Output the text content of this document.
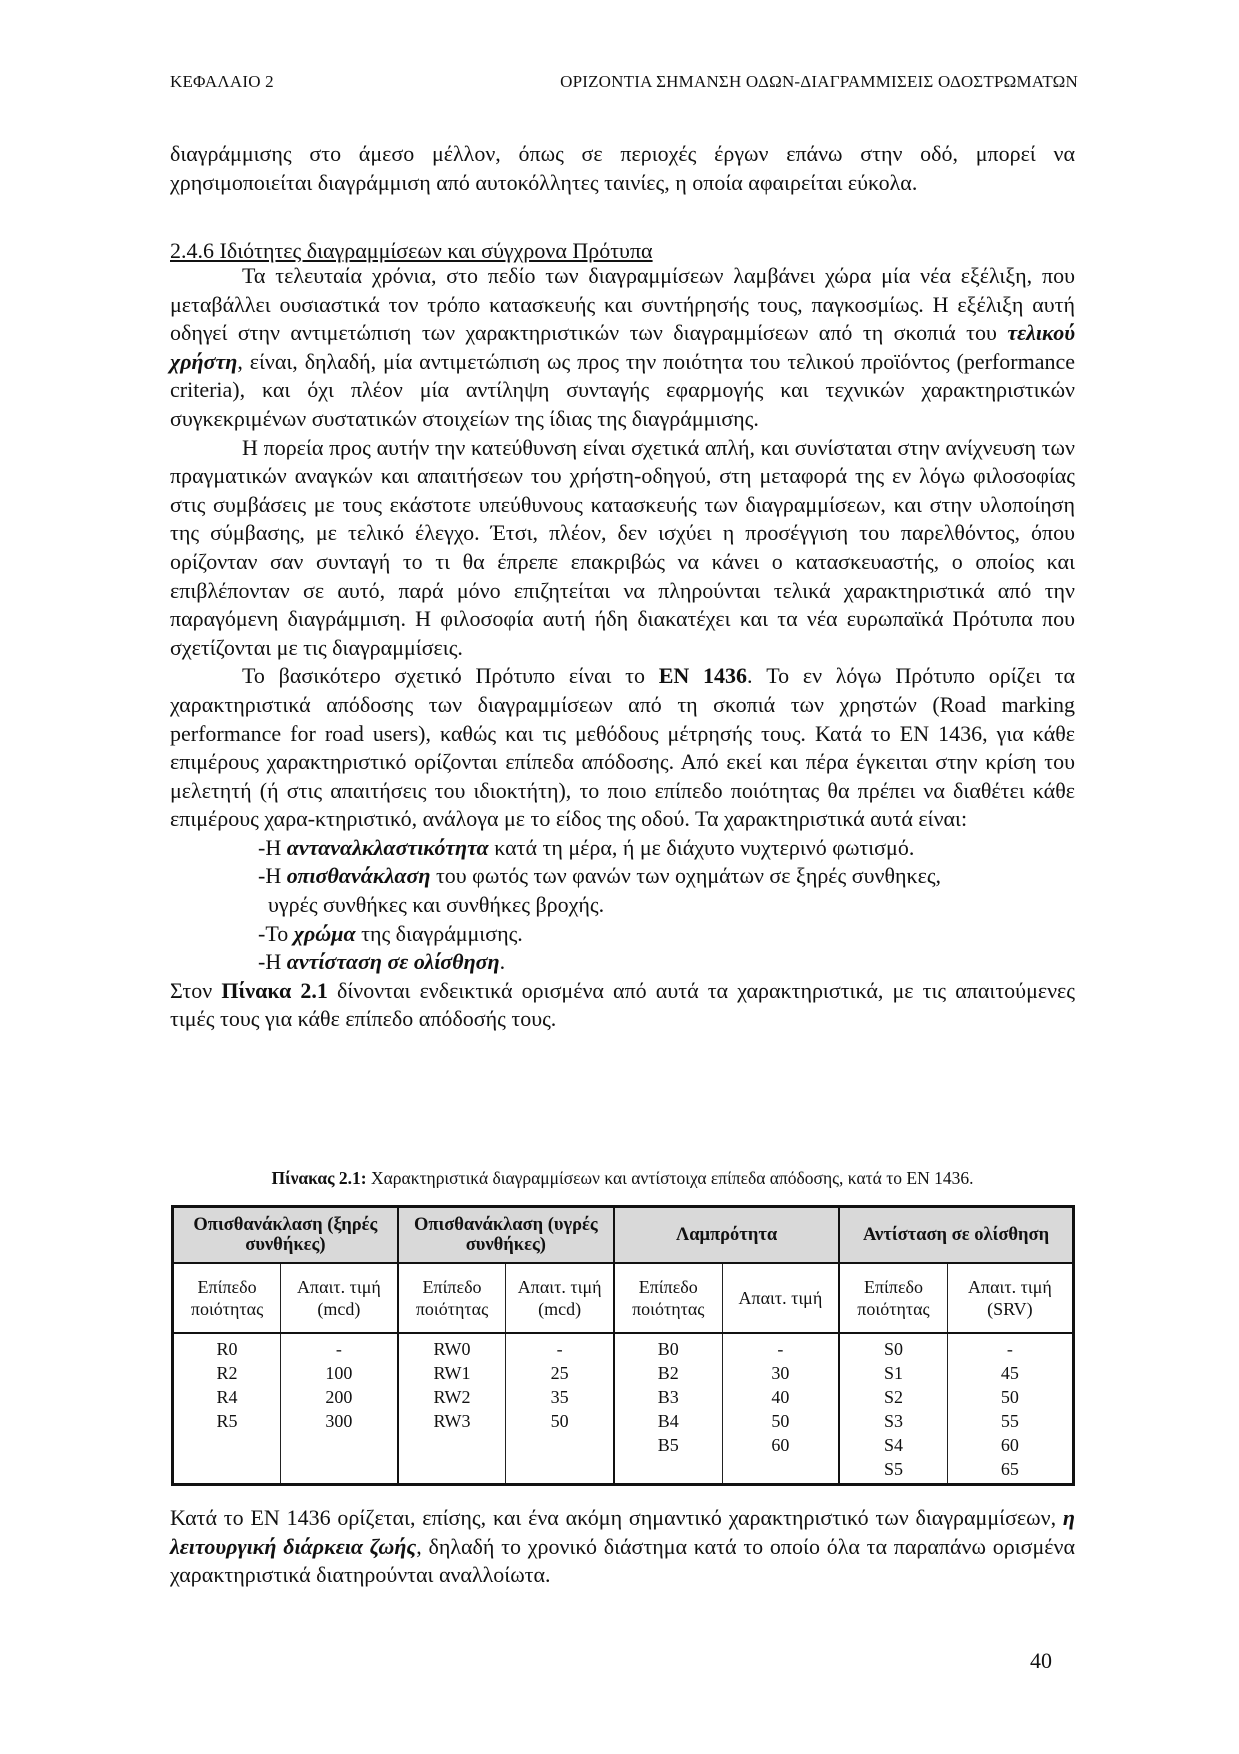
ΚΕΦΑΛΑΙΟ 2	ΟΡΙΖΟΝΤΙΑ ΣΗΜΑΝΣΗ ΟΔΩΝ-ΔΙΑΓΡΑΜΜΙΣΕΙΣ ΟΔΟΣΤΡΩΜΑΤΩΝ

διαγράμμισης στο άμεσο μέλλον, όπως σε περιοχές έργων επάνω στην οδό, μπορεί να χρησιμοποιείται διαγράμμιση από αυτοκόλλητες ταινίες, η οποία αφαιρείται εύκολα.

2.4.6 Ιδιότητες διαγραμμίσεων και σύγχρονα Πρότυπα

Τα τελευταία χρόνια, στο πεδίο των διαγραμμίσεων λαμβάνει χώρα μία νέα εξέλιξη, που μεταβάλλει ουσιαστικά τον τρόπο κατασκευής και συντήρησής τους, παγκοσμίως. Η εξέλιξη αυτή οδηγεί στην αντιμετώπιση των χαρακτηριστικών των διαγραμμίσεων από τη σκοπιά του τελικού χρήστη, είναι, δηλαδή, μία αντιμετώπιση ως προς την ποιότητα του τελικού προϊόντος (performance criteria), και όχι πλέον μία αντίληψη συνταγής εφαρμογής και τεχνικών χαρακτηριστικών συγκεκριμένων συστατικών στοιχείων της ίδιας της διαγράμμισης.

Η πορεία προς αυτήν την κατεύθυνση είναι σχετικά απλή, και συνίσταται στην ανίχνευση των πραγματικών αναγκών και απαιτήσεων του χρήστη-οδηγού, στη μεταφορά της εν λόγω φιλοσοφίας στις συμβάσεις με τους εκάστοτε υπεύθυνους κατασκευής των διαγραμμίσεων, και στην υλοποίηση της σύμβασης, με τελικό έλεγχο. Έτσι, πλέον, δεν ισχύει η προσέγγιση του παρελθόντος, όπου ορίζονταν σαν συνταγή το τι θα έπρεπε επακριβώς να κάνει ο κατασκευαστής, ο οποίος και επιβλέπονταν σε αυτό, παρά μόνο επιζητείται να πληρούνται τελικά χαρακτηριστικά από την παραγόμενη διαγράμμιση. Η φιλοσοφία αυτή ήδη διακατέχει και τα νέα ευρωπαϊκά Πρότυπα που σχετίζονται με τις διαγραμμίσεις.

Το βασικότερο σχετικό Πρότυπο είναι το EN 1436. Το εν λόγω Πρότυπο ορίζει τα χαρακτηριστικά απόδοσης των διαγραμμίσεων από τη σκοπιά των χρηστών (Road marking performance for road users), καθώς και τις μεθόδους μέτρησής τους. Κατά το EN 1436, για κάθε επιμέρους χαρακτηριστικό ορίζονται επίπεδα απόδοσης. Από εκεί και πέρα έγκειται στην κρίση του μελετητή (ή στις απαιτήσεις του ιδιοκτήτη), το ποιο επίπεδο ποιότητας θα πρέπει να διαθέτει κάθε επιμέρους χαρα-κτηριστικό, ανάλογα με το είδος της οδού. Τα χαρακτηριστικά αυτά είναι:

-Η ανταναλκλαστικότητα κατά τη μέρα, ή με διάχυτο νυχτερινό φωτισμό.

-Η οπισθανάκλαση του φωτός των φανών των οχημάτων σε ξηρές συνθηκες,

υγρές συνθήκες και συνθήκες βροχής.

-Το χρώμα της διαγράμμισης.

-Η αντίσταση σε ολίσθηση.

Στον Πίνακα 2.1 δίνονται ενδεικτικά ορισμένα από αυτά τα χαρακτηριστικά, με τις απαιτούμενες τιμές τους για κάθε επίπεδο απόδοσής τους.

Πίνακας 2.1: Χαρακτηριστικά διαγραμμίσεων και αντίστοιχα επίπεδα απόδοσης, κατά το EN 1436.
Οπισθανάκλαση (ξηρές συνθήκες)		Οπισθανάκλαση (υγρές συνθήκες)		Λαμπρότητα		Αντίσταση σε ολίσθηση	
Επίπεδο ποιότητας	Απαιτ. τιμή (mcd)	Επίπεδο ποιότητας	Απαιτ. τιμή (mcd)	Επίπεδο ποιότητας	Απαιτ. τιμή	Επίπεδο ποιότητας	Απαιτ. τιμή (SRV)
R0	-	RW0	-	B0	-	S0	-
R2	100	RW1	25	B2	30	S1	45
R4	200	RW2	35	B3	40	S2	50
R5	300	RW3	50	B4	50	S3	55
				B5	60	S4	60
						S5	65

Κατά το EN 1436 ορίζεται, επίσης, και ένα ακόμη σημαντικό χαρακτηριστικό των διαγραμμίσεων, η λειτουργική διάρκεια ζωής, δηλαδή το χρονικό διάστημα κατά το οποίο όλα τα παραπάνω ορισμένα χαρακτηριστικά διατηρούνται αναλλοίωτα.

40
